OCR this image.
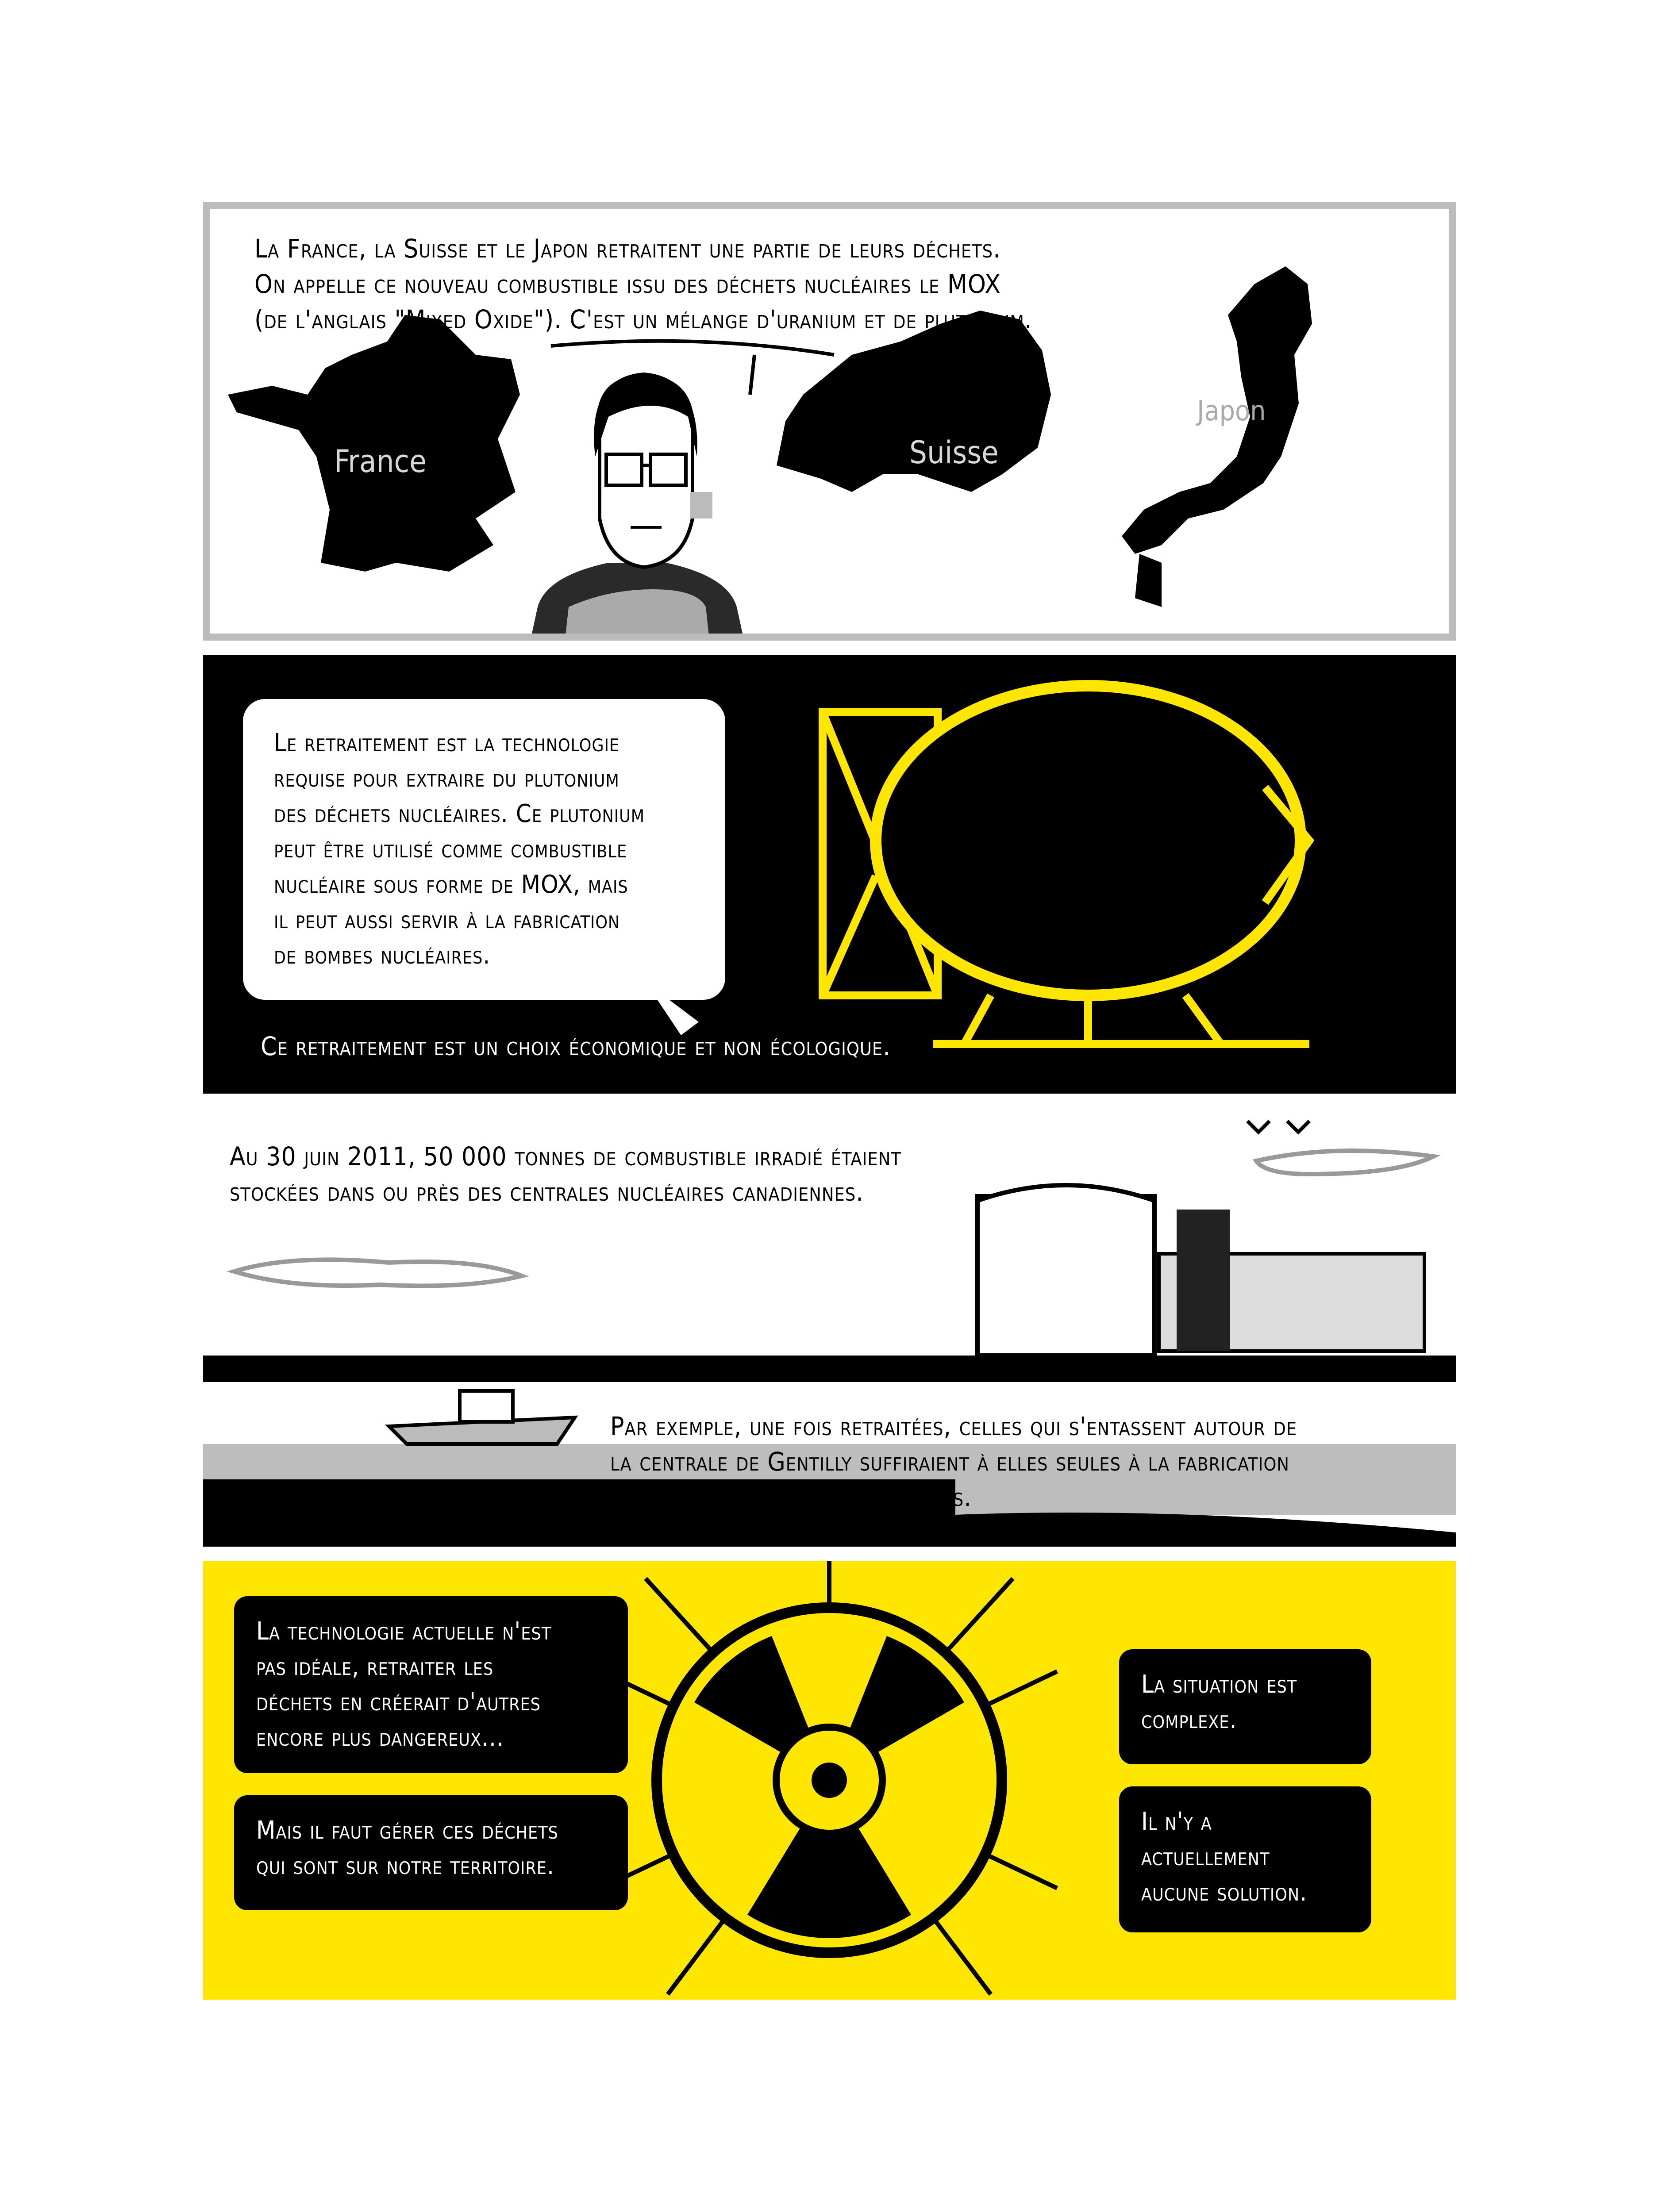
La France, la Suisse et le Japon retraitent une partie de leurs déchets.
On appelle ce nouveau combustible issu des déchets nucléaires le MOX
(de l'anglais "Mixed Oxide"). C'est un mélange d'uranium et de plutonium.
France	Suisse
Japon
Le retraitement est la technologie
requise pour extraire du plutonium
des déchets nucléaires. Ce plutonium
peut être utilisé comme combustible
nucléaire sous forme de MOX, mais
il peut aussi servir à la fabrication
de bombes nucléaires.
Ce retraitement est un choix économique et non écologique.
Au 30 juin 2011, 50 000 tonnes de combustible irradié étaient
stockées dans ou près des centrales nucléaires canadiennes.
Par exemple, une fois retraitées, celles qui s'entassent autour de
la centrale de Gentilly suffiraient à elles seules à la fabrication
de centaines de bombes nucléaires.
La technologie actuelle n'est
pas idéale, retraiter les
déchets en créerait d'autres
encore plus dangereux...
Mais il faut gérer ces déchets
qui sont sur notre territoire.
La situation est
complexe.
Il n'y a
actuellement
aucune solution.
